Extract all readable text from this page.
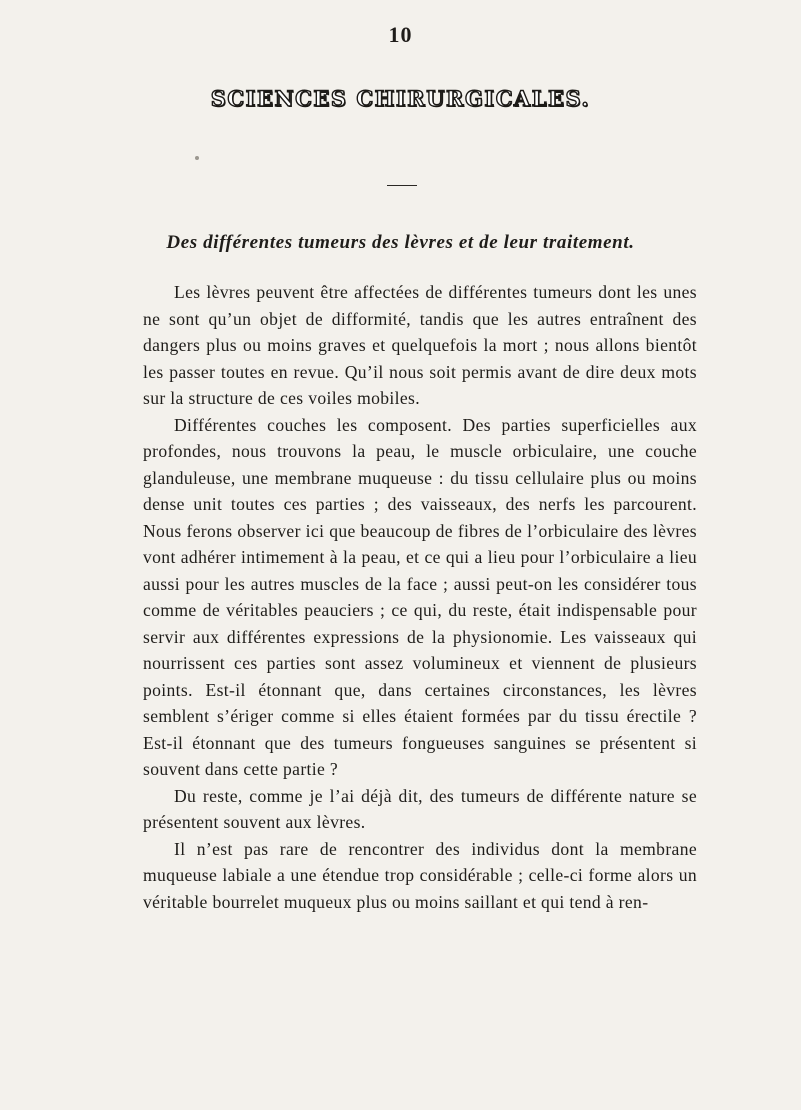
10
SCIENCES CHIRURGICALES.
Des différentes tumeurs des lèvres et de leur traitement.

Les lèvres peuvent être affectées de différentes tumeurs dont les unes ne sont qu’un objet de difformité, tandis que les autres entraînent des dangers plus ou moins graves et quelquefois la mort ; nous allons bientôt les passer toutes en revue. Qu’il nous soit permis avant de dire deux mots sur la structure de ces voiles mobiles.

Différentes couches les composent. Des parties superficielles aux profondes, nous trouvons la peau, le muscle orbiculaire, une couche glanduleuse, une membrane muqueuse : du tissu cellulaire plus ou moins dense unit toutes ces parties ; des vaisseaux, des nerfs les parcourent. Nous ferons observer ici que beaucoup de fibres de l’orbiculaire des lèvres vont adhérer intimement à la peau, et ce qui a lieu pour l’orbiculaire a lieu aussi pour les autres muscles de la face ; aussi peut-on les considérer tous comme de véritables peauciers ; ce qui, du reste, était indispensable pour servir aux différentes expressions de la physionomie. Les vaisseaux qui nourrissent ces parties sont assez volumineux et viennent de plusieurs points. Est-il étonnant que, dans certaines circonstances, les lèvres semblent s’ériger comme si elles étaient formées par du tissu érectile ? Est-il étonnant que des tumeurs fongueuses sanguines se présentent si souvent dans cette partie ?

Du reste, comme je l’ai déjà dit, des tumeurs de différente nature se présentent souvent aux lèvres.

Il n’est pas rare de rencontrer des individus dont la membrane muqueuse labiale a une étendue trop considérable ; celle-ci forme alors un véritable bourrelet muqueux plus ou moins saillant et qui tend à ren-
